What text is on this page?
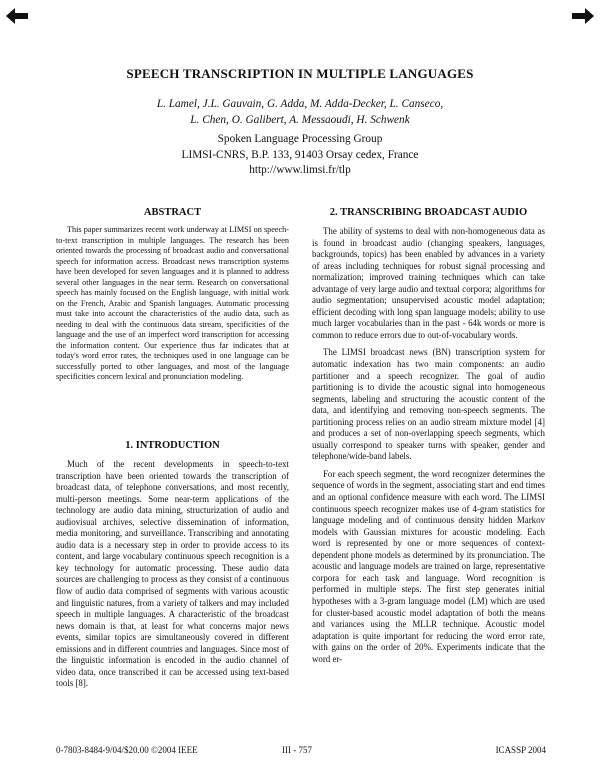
SPEECH TRANSCRIPTION IN MULTIPLE LANGUAGES
L. Lamel, J.L. Gauvain, G. Adda, M. Adda-Decker, L. Canseco,
L. Chen, O. Galibert, A. Messaoudi, H. Schwenk
Spoken Language Processing Group
LIMSI-CNRS, B.P. 133, 91403 Orsay cedex, France
http://www.limsi.fr/tlp
ABSTRACT

This paper summarizes recent work underway at LIMSI on speech-to-text transcription in multiple languages. The research has been oriented towards the processing of broadcast audio and conversational speech for information access. Broadcast news transcription systems have been developed for seven languages and it is planned to address several other languages in the near term. Research on conversational speech has mainly focused on the English language, with initial work on the French, Arabic and Spanish languages. Automatic processing must take into account the characteristics of the audio data, such as needing to deal with the continuous data stream, specificities of the language and the use of an imperfect word transcription for accessing the information content. Our experience thus far indicates that at today's word error rates, the techniques used in one language can be successfully ported to other languages, and most of the language specificities concern lexical and pronunciation modeling.

1. INTRODUCTION

Much of the recent developments in speech-to-text transcription have been oriented towards the transcription of broadcast data, of telephone conversations, and most recently, multi-person meetings. Some near-term applications of the technology are audio data mining, structurization of audio and audiovisual archives, selective dissemination of information, media monitoring, and surveillance. Transcribing and annotating audio data is a necessary step in order to provide access to its content, and large vocabulary continuous speech recognition is a key technology for automatic processing. These audio data sources are challenging to process as they consist of a continuous flow of audio data comprised of segments with various acoustic and linguistic natures, from a variety of talkers and may included speech in multiple languages. A characteristic of the broadcast news domain is that, at least for what concerns major news events, similar topics are simultaneously covered in different emissions and in different countries and languages. Since most of the linguistic information is encoded in the audio channel of video data, once transcribed it can be accessed using text-based tools [8].

2. TRANSCRIBING BROADCAST AUDIO

The ability of systems to deal with non-homogeneous data as is found in broadcast audio (changing speakers, languages, backgrounds, topics) has been enabled by advances in a variety of areas including techniques for robust signal processing and normalization; improved training techniques which can take advantage of very large audio and textual corpora; algorithms for audio segmentation; unsupervised acoustic model adaptation; efficient decoding with long span language models; ability to use much larger vocabularies than in the past - 64k words or more is common to reduce errors due to out-of-vocabulary words.

The LIMSI broadcast news (BN) transcription system for automatic indexation has two main components: an audio partitioner and a speech recognizer. The goal of audio partitioning is to divide the acoustic signal into homogeneous segments, labeling and structuring the acoustic content of the data, and identifying and removing non-speech segments. The partitioning process relies on an audio stream mixture model [4] and produces a set of non-overlapping speech segments, which usually correspond to speaker turns with speaker, gender and telephone/wide-band labels.

For each speech segment, the word recognizer determines the sequence of words in the segment, associating start and end times and an optional confidence measure with each word. The LIMSI continuous speech recognizer makes use of 4-gram statistics for language modeling and of continuous density hidden Markov models with Gaussian mixtures for acoustic modeling. Each word is represented by one or more sequences of context-dependent phone models as determined by its pronunciation. The acoustic and language models are trained on large, representative corpora for each task and language. Word recognition is performed in multiple steps. The first step generates initial hypotheses with a 3-gram language model (LM) which are used for cluster-based acoustic model adaptation of both the means and variances using the MLLR technique. Acoustic model adaptation is quite important for reducing the word error rate, with gains on the order of 20%. Experiments indicate that the word er-

0-7803-8484-9/04/$20.00 ©2004 IEEE	III - 757	ICASSP 2004
